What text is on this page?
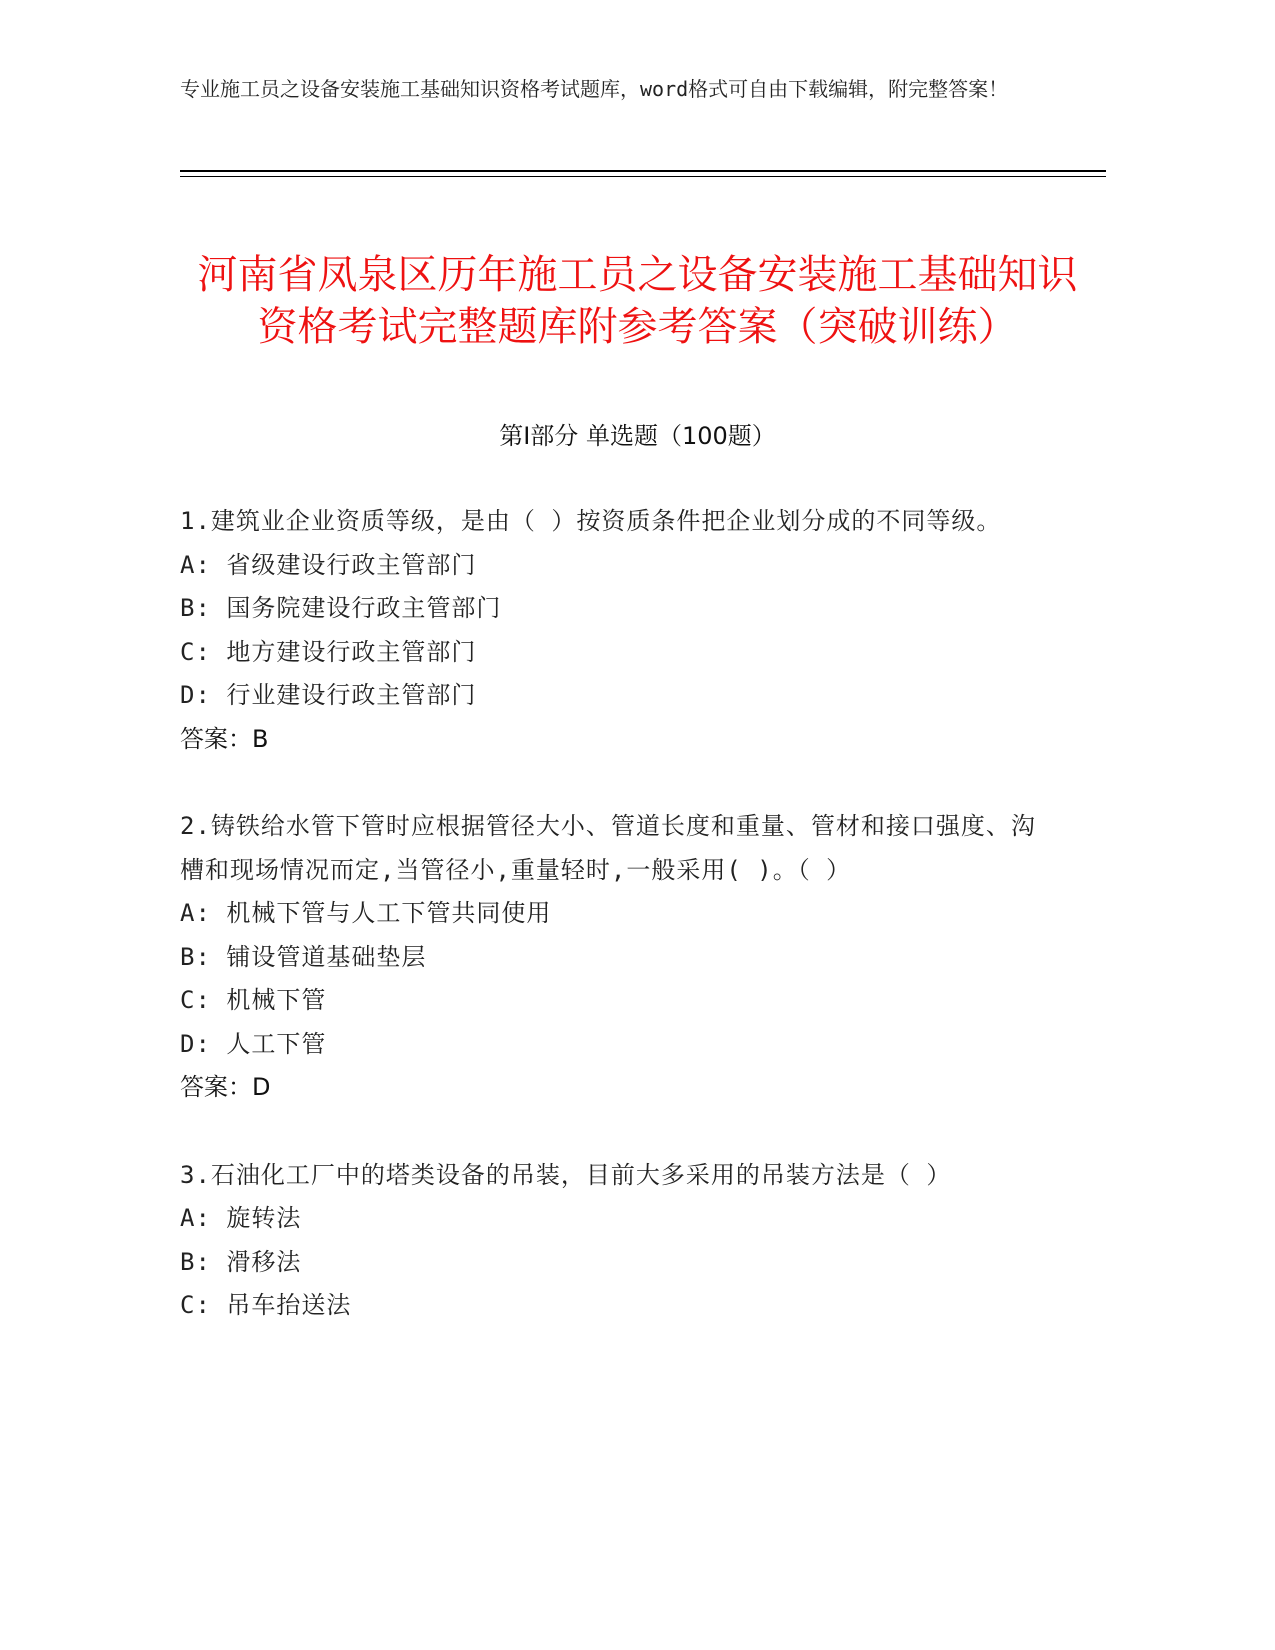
专业施工员之设备安装施工基础知识资格考试题库，word格式可自由下载编辑，附完整答案！
河南省凤泉区历年施工员之设备安装施工基础知识资格考试完整题库附参考答案（突破训练）
第Ⅰ部分 单选题（100题）
1.建筑业企业资质等级，是由（ ）按资质条件把企业划分成的不同等级。
A: 省级建设行政主管部门
B: 国务院建设行政主管部门
C: 地方建设行政主管部门
D: 行业建设行政主管部门
答案：B
2.铸铁给水管下管时应根据管径大小、管道长度和重量、管材和接口强度、沟槽和现场情况而定,当管径小,重量轻时,一般采用( )。（ ）
A: 机械下管与人工下管共同使用
B: 铺设管道基础垫层
C: 机械下管
D: 人工下管
答案：D
3.石油化工厂中的塔类设备的吊装，目前大多采用的吊装方法是（ ）
A: 旋转法
B: 滑移法
C: 吊车抬送法
